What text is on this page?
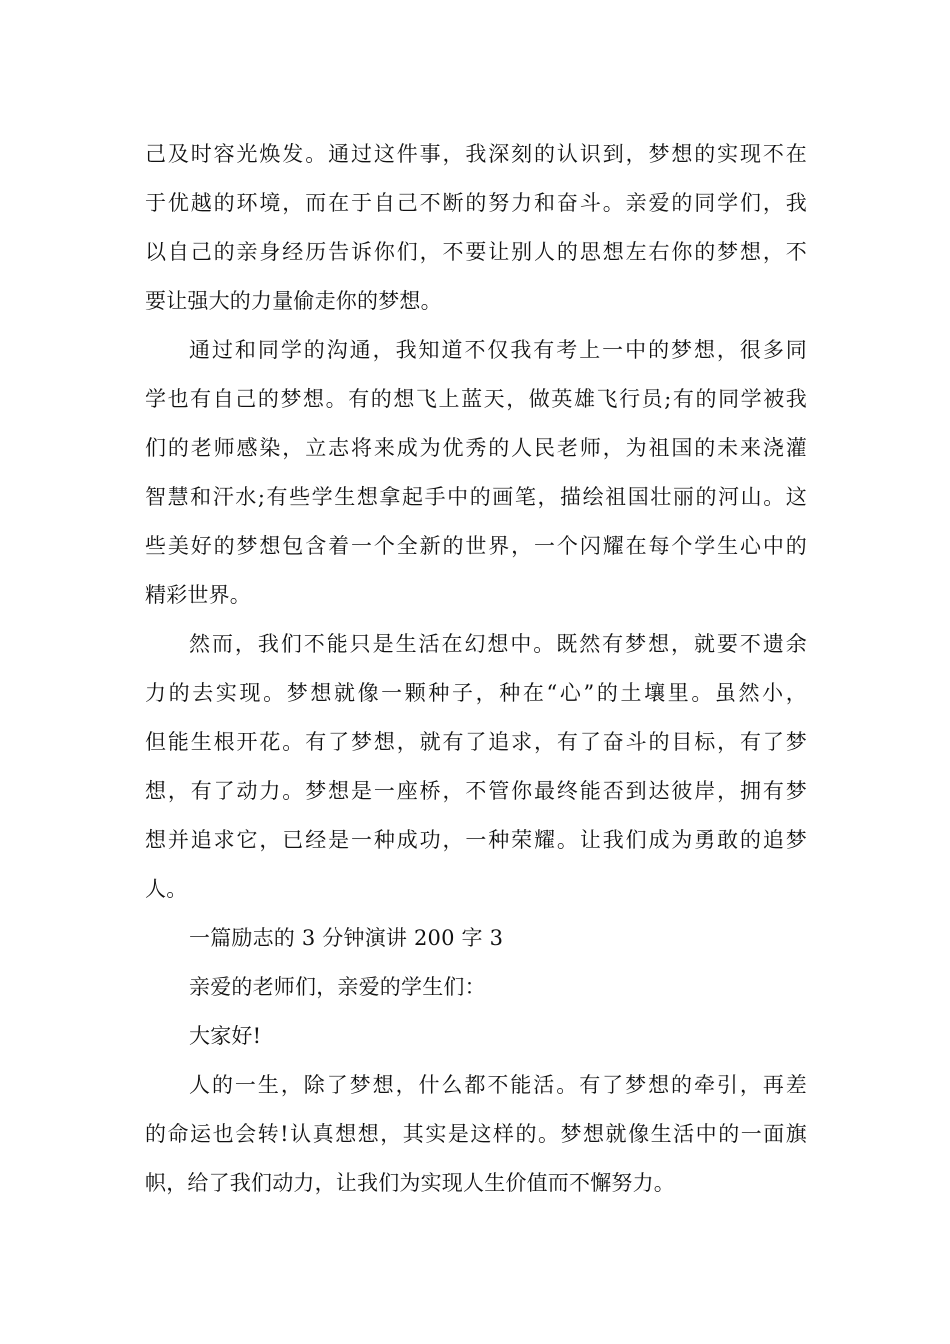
己及时容光焕发。通过这件事，我深刻的认识到，梦想的实现不在
于优越的环境，而在于自己不断的努力和奋斗。亲爱的同学们，我
以自己的亲身经历告诉你们，不要让别人的思想左右你的梦想，不
要让强大的力量偷走你的梦想。
通过和同学的沟通，我知道不仅我有考上一中的梦想，很多同
学也有自己的梦想。有的想飞上蓝天，做英雄飞行员;有的同学被我
们的老师感染，立志将来成为优秀的人民老师，为祖国的未来浇灌
智慧和汗水;有些学生想拿起手中的画笔，描绘祖国壮丽的河山。这
些美好的梦想包含着一个全新的世界，一个闪耀在每个学生心中的
精彩世界。
然而，我们不能只是生活在幻想中。既然有梦想，就要不遗余
力的去实现。梦想就像一颗种子，种在“心”的土壤里。虽然小，
但能生根开花。有了梦想，就有了追求，有了奋斗的目标，有了梦
想，有了动力。梦想是一座桥，不管你最终能否到达彼岸，拥有梦
想并追求它，已经是一种成功，一种荣耀。让我们成为勇敢的追梦
人。
一篇励志的 3 分钟演讲 200 字 3
亲爱的老师们，亲爱的学生们：
大家好!
人的一生，除了梦想，什么都不能活。有了梦想的牵引，再差
的命运也会转!认真想想，其实是这样的。梦想就像生活中的一面旗
帜，给了我们动力，让我们为实现人生价值而不懈努力。
